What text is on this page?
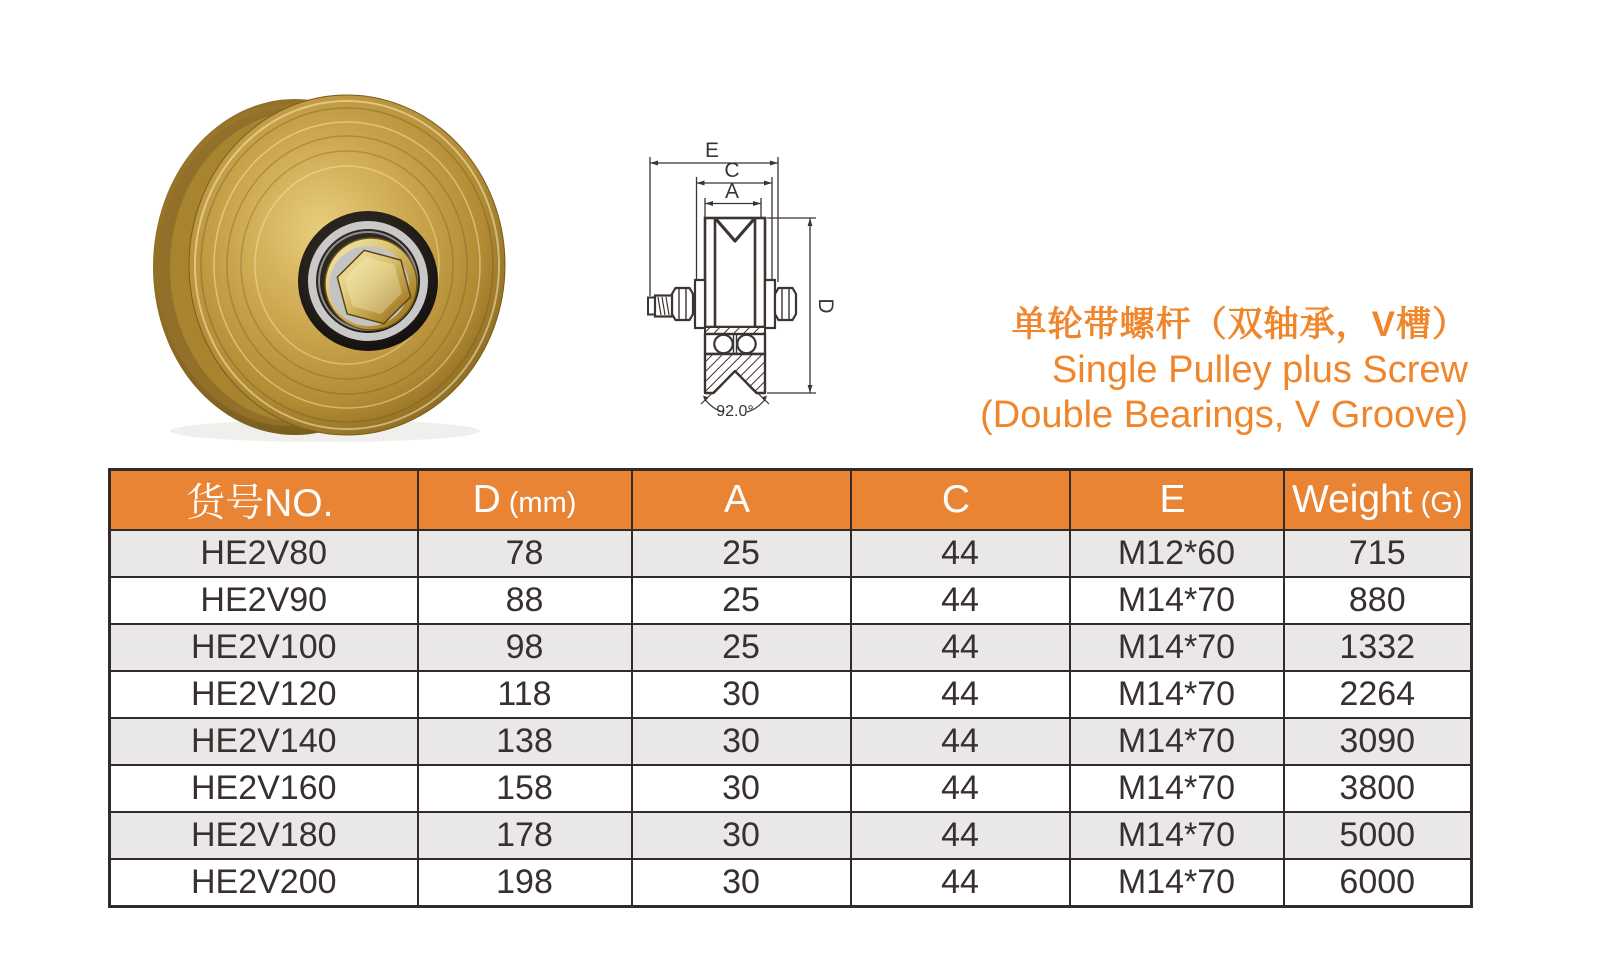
E
C
A
D
92.0°
单轮带螺杆（双轴承，V槽）
Single Pulley plus Screw
(Double Bearings, V Groove)
货号NO.	D (mm)	A	C	E	Weight (G)
HE2V80	78	25	44	M12*60	715
HE2V90	88	25	44	M14*70	880
HE2V100	98	25	44	M14*70	1332
HE2V120	118	30	44	M14*70	2264
HE2V140	138	30	44	M14*70	3090
HE2V160	158	30	44	M14*70	3800
HE2V180	178	30	44	M14*70	5000
HE2V200	198	30	44	M14*70	6000
